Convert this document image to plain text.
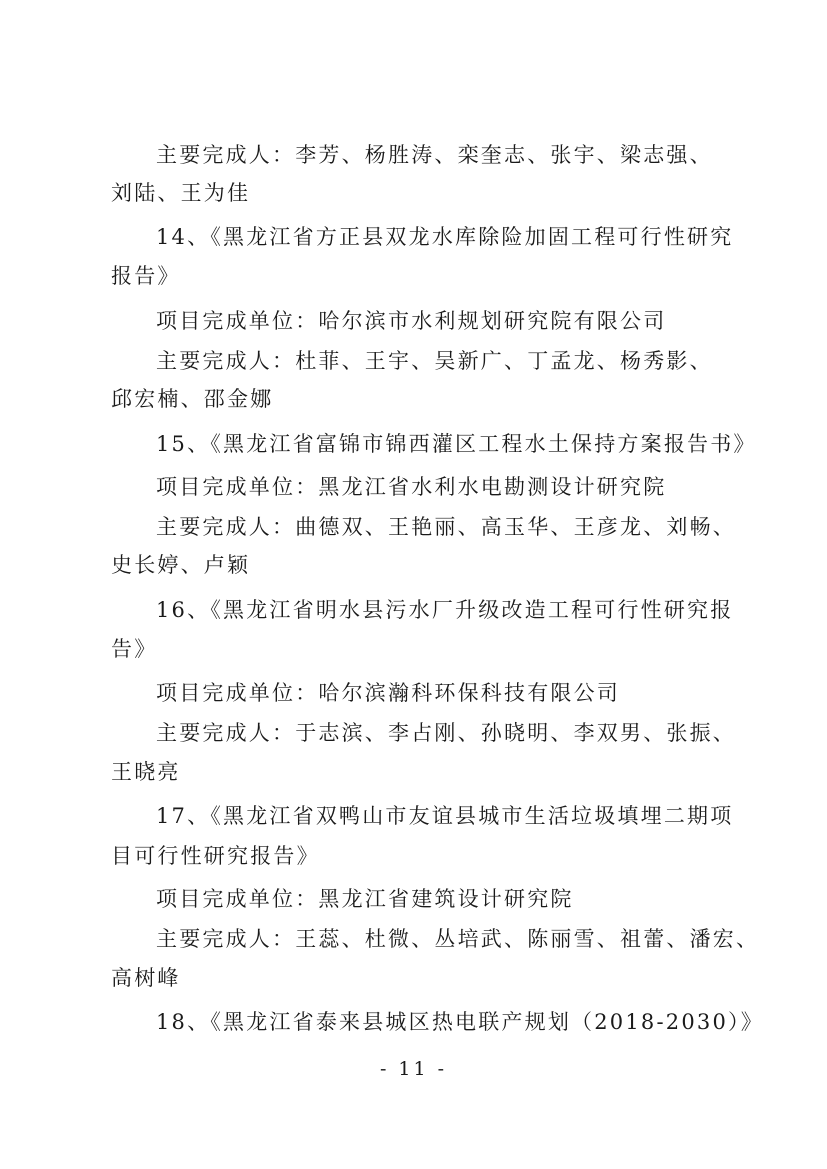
主要完成人：李芳、杨胜涛、栾奎志、张宇、梁志强、
刘陆、王为佳
14、《黑龙江省方正县双龙水库除险加固工程可行性研究
报告》
项目完成单位：哈尔滨市水利规划研究院有限公司
主要完成人：杜菲、王宇、吴新广、丁孟龙、杨秀影、
邱宏楠、邵金娜
15、《黑龙江省富锦市锦西灌区工程水土保持方案报告书》
项目完成单位：黑龙江省水利水电勘测设计研究院
主要完成人：曲德双、王艳丽、高玉华、王彦龙、刘畅、
史长婷、卢颖
16、《黑龙江省明水县污水厂升级改造工程可行性研究报
告》
项目完成单位：哈尔滨瀚科环保科技有限公司
主要完成人：于志滨、李占刚、孙晓明、李双男、张振、
王晓亮
17、《黑龙江省双鸭山市友谊县城市生活垃圾填埋二期项
目可行性研究报告》
项目完成单位：黑龙江省建筑设计研究院
主要完成人：王蕊、杜微、丛培武、陈丽雪、祖蕾、潘宏、
高树峰
18、《黑龙江省泰来县城区热电联产规划（2018-2030）》
- 11 -
